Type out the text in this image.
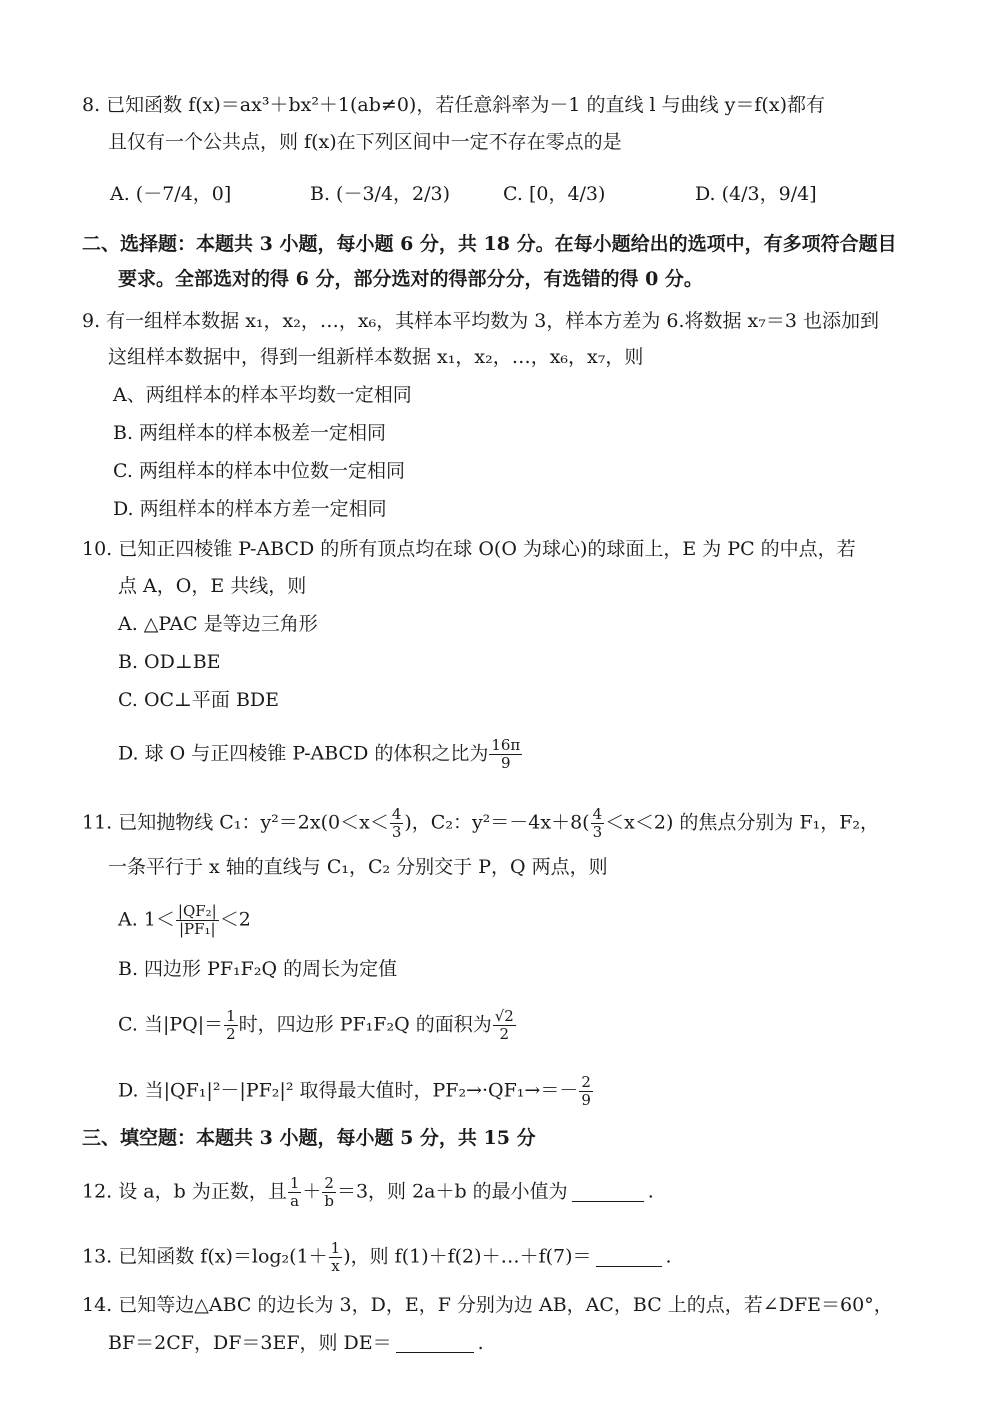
8. 已知函数 f(x)＝ax³＋bx²＋1(ab≠0)，若任意斜率为－1 的直线 l 与曲线 y＝f(x)都有
且仅有一个公共点，则 f(x)在下列区间中一定不存在零点的是
A. (－7/4，0]	B. (－3/4，2/3)	C. [0，4/3)	D. (4/3，9/4]
二、选择题：本题共 3 小题，每小题 6 分，共 18 分。在每小题给出的选项中，有多项符合题目
要求。全部选对的得 6 分，部分选对的得部分分，有选错的得 0 分。
9. 有一组样本数据 x₁，x₂，…，x₆，其样本平均数为 3，样本方差为 6.将数据 x₇＝3 也添加到
这组样本数据中，得到一组新样本数据 x₁，x₂，…，x₆，x₇，则
A、两组样本的样本平均数一定相同
B. 两组样本的样本极差一定相同
C. 两组样本的样本中位数一定相同
D. 两组样本的样本方差一定相同
10. 已知正四棱锥 P-ABCD 的所有顶点均在球 O(O 为球心)的球面上，E 为 PC 的中点，若
点 A，O，E 共线，则
A. △PAC 是等边三角形
B. OD⊥BE
C. OC⊥平面 BDE
D. 球 O 与正四棱锥 P-ABCD 的体积之比为 $\frac{16\pi}{9}$
11. 已知抛物线 C₁：$y^2=2x(0<x< \frac{4}{3}$ )，C₂：$y^2=-4x+8( \frac{4}{3} <x<2)$ 的焦点分别为 F₁，F₂，
一条平行于 x 轴的直线与 C₁，C₂ 分别交于 P，Q 两点，则
A. $1< \frac{\text{|QF₂|}}{\text{|PF₁|}} <2$
B. 四边形 PF₁F₂Q 的周长为定值
C. 当$|PQ|= \frac{1}{2}$ 时，四边形 PF₁F₂Q 的面积为 $\frac{√2}{2}$
D. 当|QF₁|²－|PF₂|² 取得最大值时，$PF_2\to\cdot QF_1\to=- \frac{2}{9}$
三、填空题：本题共 3 小题，每小题 5 分，共 15 分
12. 设 a，b 为正数，且 $\frac{1}{a} + \frac{2}{b} =3$，则 2a＋b 的最小值为	.
13. 已知函数 $f(x)=\log_2(1+ \frac{1}{x}$ )，则 f(1)＋f(2)＋…＋f(7)＝	.
14. 已知等边△ABC 的边长为 3，D，E，F 分别为边 AB，AC，BC 上的点，若∠DFE＝60°，
BF＝2CF，DF＝3EF，则 DE＝	.
